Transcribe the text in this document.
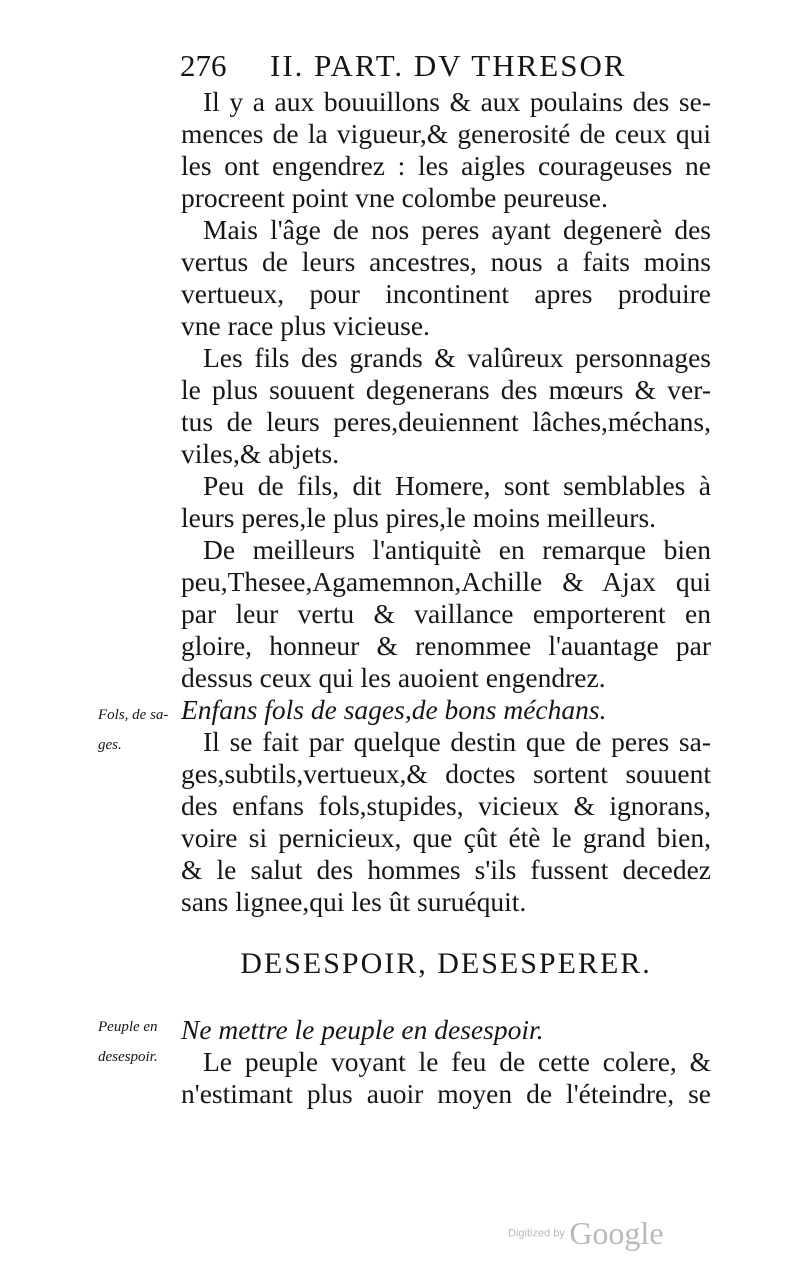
276 II. PART. DV THRESOR
Il y a aux bouuillons & aux poulains des se-
mences de la vigueur,& generosité de ceux qui
les ont engendrez : les aigles courageuses ne
procreent point vne colombe peureuse.
Mais l'âge de nos peres ayant degenerè des
vertus de leurs ancestres, nous a faits moins
vertueux, pour incontinent apres produire
vne race plus vicieuse.
Les fils des grands & valûreux personnages
le plus souuent degenerans des mœurs & ver-
tus de leurs peres,deuiennent lâches,méchans,
viles,& abjets.
Peu de fils, dit Homere, sont semblables à
leurs peres,le plus pires,le moins meilleurs.
De meilleurs l'antiquitè en remarque bien
peu,Thesee,Agamemnon,Achille & Ajax qui
par leur vertu & vaillance emporterent en
gloire, honneur & renommee l'auantage par
dessus ceux qui les auoient engendrez.
Enfans fols de sages,de bons méchans.
Il se fait par quelque destin que de peres sa-
ges,subtils,vertueux,& doctes sortent souuent
des enfans fols,stupides, vicieux & ignorans,
voire si pernicieux, que çût étè le grand bien,
& le salut des hommes s'ils fussent decedez
sans lignee,qui les ût suruéquit.
DESESPOIR, DESESPERER.
Ne mettre le peuple en desespoir.
Le peuple voyant le feu de cette colere, &
n'estimant plus auoir moyen de l'éteindre, se
Fols, de sa-
ges.
Peuple en
desespoir.
Digitized by Google
